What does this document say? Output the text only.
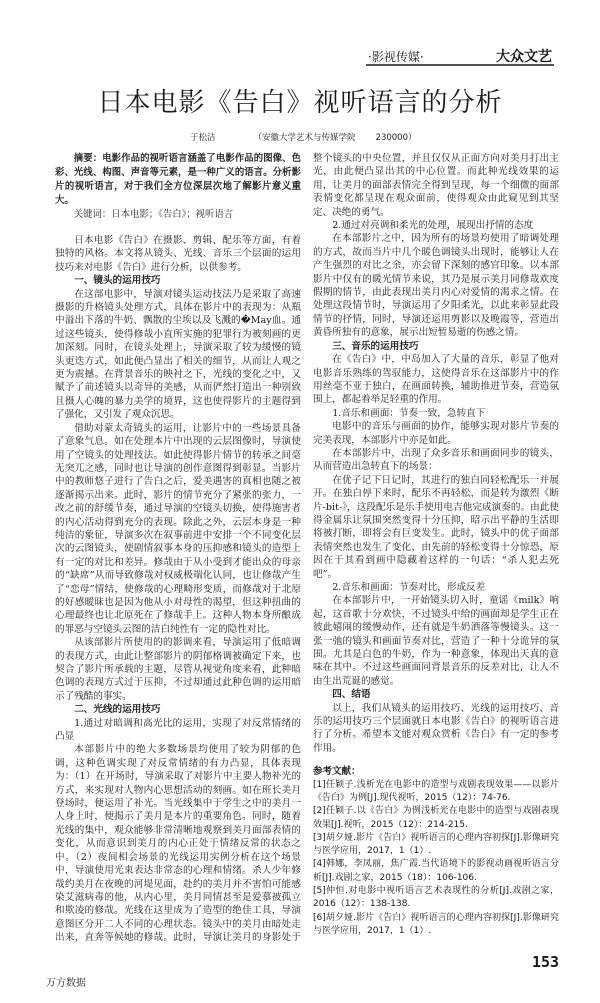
·影视传媒·	大众文艺
日本电影《告白》视听语言的分析
于松洁	（安徽大学艺术与传媒学院 230000）

摘要：电影作品的视听语言涵盖了电影作品的图像、色彩、光线、构图、声音等元素，是一种广义的语言。分析影片的视听语言，对于我们全方位深层次地了解影片意义重大。

关键词：日本电影；《告白》；视听语言

日本电影《告白》在摄影、剪辑、配乐等方面，有着独特的风格。本文将从镜头、光线、音乐三个层面的运用技巧来对电影《告白》进行分析，以供参考。

一、镜头的运用技巧

在这部电影中，导演对镜头运动技法乃是采取了高速摄影的升格镜头处理方式，具体在影片中的表现为：从瓶中溢出下落的牛奶、飘散的尘埃以及飞溅的�May血。通过这些镜头，使得修哉小直所实施的犯罪行为被刻画的更加深刻。同时，在镜头处理上，导演采取了较为缓慢的镜头更迭方式，如此便凸显出了相关的细节，从而让人观之更为震撼。在背景音乐的映衬之下，光线的变化之中，又赋予了前述镜头以奇异的美感，从而俨然打造出一种别致且摄人心魄的暴力美学的境界，这也使得影片的主题得到了强化，又引发了观众沉思。

借助对蒙太奇镜头的运用，让影片中的一些场景具备了意象气息。如在处理本片中出现的云层图像时，导演使用了空镜头的处理技法。如此使得影片情节的转承之间毫无突兀之感，同时也让导演的创作意图得到彰显。当影片中的教师悠子进行了告白之后，爱美遇害的真相也随之被逐渐揭示出来。此时，影片的情节充分了紧张的张力，一改之前的舒缓节奏，通过导演的空镜头切换，使得施害者的内心活动得到充分的表现。除此之外，云层本身是一种纯洁的象征，导演多次在叙事前进中安排一个不同变化层次的云图镜头，使剧情叙事本身的压抑感和镜头的造型上有一定的对比和差异。修哉由于从小受到才能出众的母亲的“缺席”从而导致修哉对权威极端化认同，也让修哉产生了“恋母”情结，使修哉的心理畸形变质，而修哉对于北原的好感暧昧也是因为他从小对母性的渴望，但这种扭曲的心理最终也让北原死在了修哉手上。这种人物本身所酿成的罪恶与空镜头云图的洁白纯性有一定的隐性对比。

从该部影片所使用的的影调来看，导演运用了低暗调的表现方式，由此让整部影片的阴郁格调被确定下来，也契合了影片所承载的主题，尽管从视觉角度来看，此种暗色调的表现方式过于压抑，不过却通过此种色调的运用暗示了残酷的事实。

二、光线的运用技巧

1.通过对暗调和高光比的运用，实现了对反常情绪的凸显

本部影片中的绝大多数场景均使用了较为阴郁的色调，这种色调实现了对反常情绪的有力凸显，具体表现为：（1）在开场时，导演采取了对影片中主要人物补光的方式，来实现对人物内心思想活动的刻画。如在班长美月登场时，便运用了补光。当光线集中于学生之中的美月一人身上时，便揭示了美月是本片的重要角色。同时，随着光线的集中，观众能够非常清晰地观察到美月面部表情的变化，从而意识到美月的内心正处于情绪反常的状态之中。（2）夜间相会场景的光线运用实例分析在这个场景中，导演使用光束表达非常态的心理和情绪。杀人少年修哉约美月在夜晚的河堤见面，赴约的美月并不害怕可能感染艾滋病毒的他，从内心里，美月同情甚至是爱慕被孤立和欺凌的修哉。光线在这里成为了造型的绝佳工具，导演意图区分开二人不同的心理状态。镜头中的美月由暗处走出来，直奔等候她的修哉。此时，导演让美月的身影处于整个镜头的中央位置，并且仅仅从正面方向对美月打出主光，由此便凸显出其的中心位置。而此种光线效果的运用，让美月的面部表情完全得到呈现，每一个细微的面部表情变化都呈现在观众面前，使得观众由此窥见到其坚定、决绝的勇气。

2.通过对亮调和柔光的处理，展现出抒情的态度

在本部影片之中，因为所有的场景均使用了暗调处理的方式，故而当片中几个暖色调镜头出现时，能够让人在产生强烈的对比之余，亦会留下深刻的感官印象。以本部影片中仅有的暖光情节来说，其乃是展示美月同修哉欢度假期的情节，由此表现出美月内心对爱情的渴求之情。在处理这段情节时，导演运用了夕阳柔光，以此来彰显此段情节的抒情，同时，导演还运用剪影以及晚霞等，营造出黄昏所独有的意象，展示出短暂易逝的伤感之情。

三、音乐的运用技巧

在《告白》中，中岛加入了大量的音乐，彰显了他对电影音乐熟练的驾驭能力，这使得音乐在这部影片中的作用丝毫不亚于独白，在画面转换，辅助推进节奏，营造氛围上，都起着举足轻重的作用。

1.音乐和画面：节奏一致，急转直下

电影中的音乐与画面的协作，能够实现对影片节奏的完美表现，本部影片中亦是如此。

在本部影片中，出现了众多音乐和画面同步的镜头，从而营造出急转直下的场景：

在优子记下日记时，其进行的独白同轻松配乐一并展开。在独白停下来时，配乐不再轻松，而是转为激烈《断片-bit-》，这段配乐是乐手使用电吉他完成演奏的。由此使得金属乐让氛围突然变得十分压抑，昭示出平静的生活即将被打断，即将会有巨变发生。此时，镜头中的优子面部表情突然也发生了变化，由先前的轻松变得十分惊恐，原因在于其看到画中隐藏着这样的一句话：“杀人犯去死吧”。

2.音乐和画面：节奏对比，形成反差

在本部影片中，一开始镜头切入时，童谣《milk》响起，这首歌十分欢快，不过镜头中给的画面却是学生正在彼此嬉闹的缓慢动作，还有就是牛奶洒落等慢镜头。这一张一弛的镜头和画面节奏对比，营造了一种十分诡异的氛围。尤其是白色的牛奶，作为一种意象，体现出天真的意味在其中。不过这些画面同背景音乐的反差对比，让人不由生出荒诞的感觉。

四、结语

以上，我们从镜头的运用技巧、光线的运用技巧、音乐的运用技巧三个层面就日本电影《告白》的视听语言进行了分析。希望本文能对观众赏析《告白》有一定的参考作用。

参考文献：

[1]任颖子.浅析光在电影中的造型与戏剧表现效果——以影片《告白》为例[J].现代视听，2015（12）：74-76.

[2]任颖子.以《告白》为例浅析光在电影中的造型与戏剧表现效果[J].视听，2015（12）：214-215.

[3]胡夕娅.影片《告白》视听语言的心理内容初探[J].影像研究与医学应用，2017，1（1）.

[4]韩娜，李凤丽，焦广霞.当代语境下的影视动画视听语言分析[J].戏剧之家，2015（18）：106-106.

[5]仲恒.对电影中视听语言艺术表现性的分析[J].戏剧之家，2016（12）：138-138.

[6]胡夕娅.影片《告白》视听语言的心理内容初探[J].影像研究与医学应用，2017，1（1）.

153
万方数据
